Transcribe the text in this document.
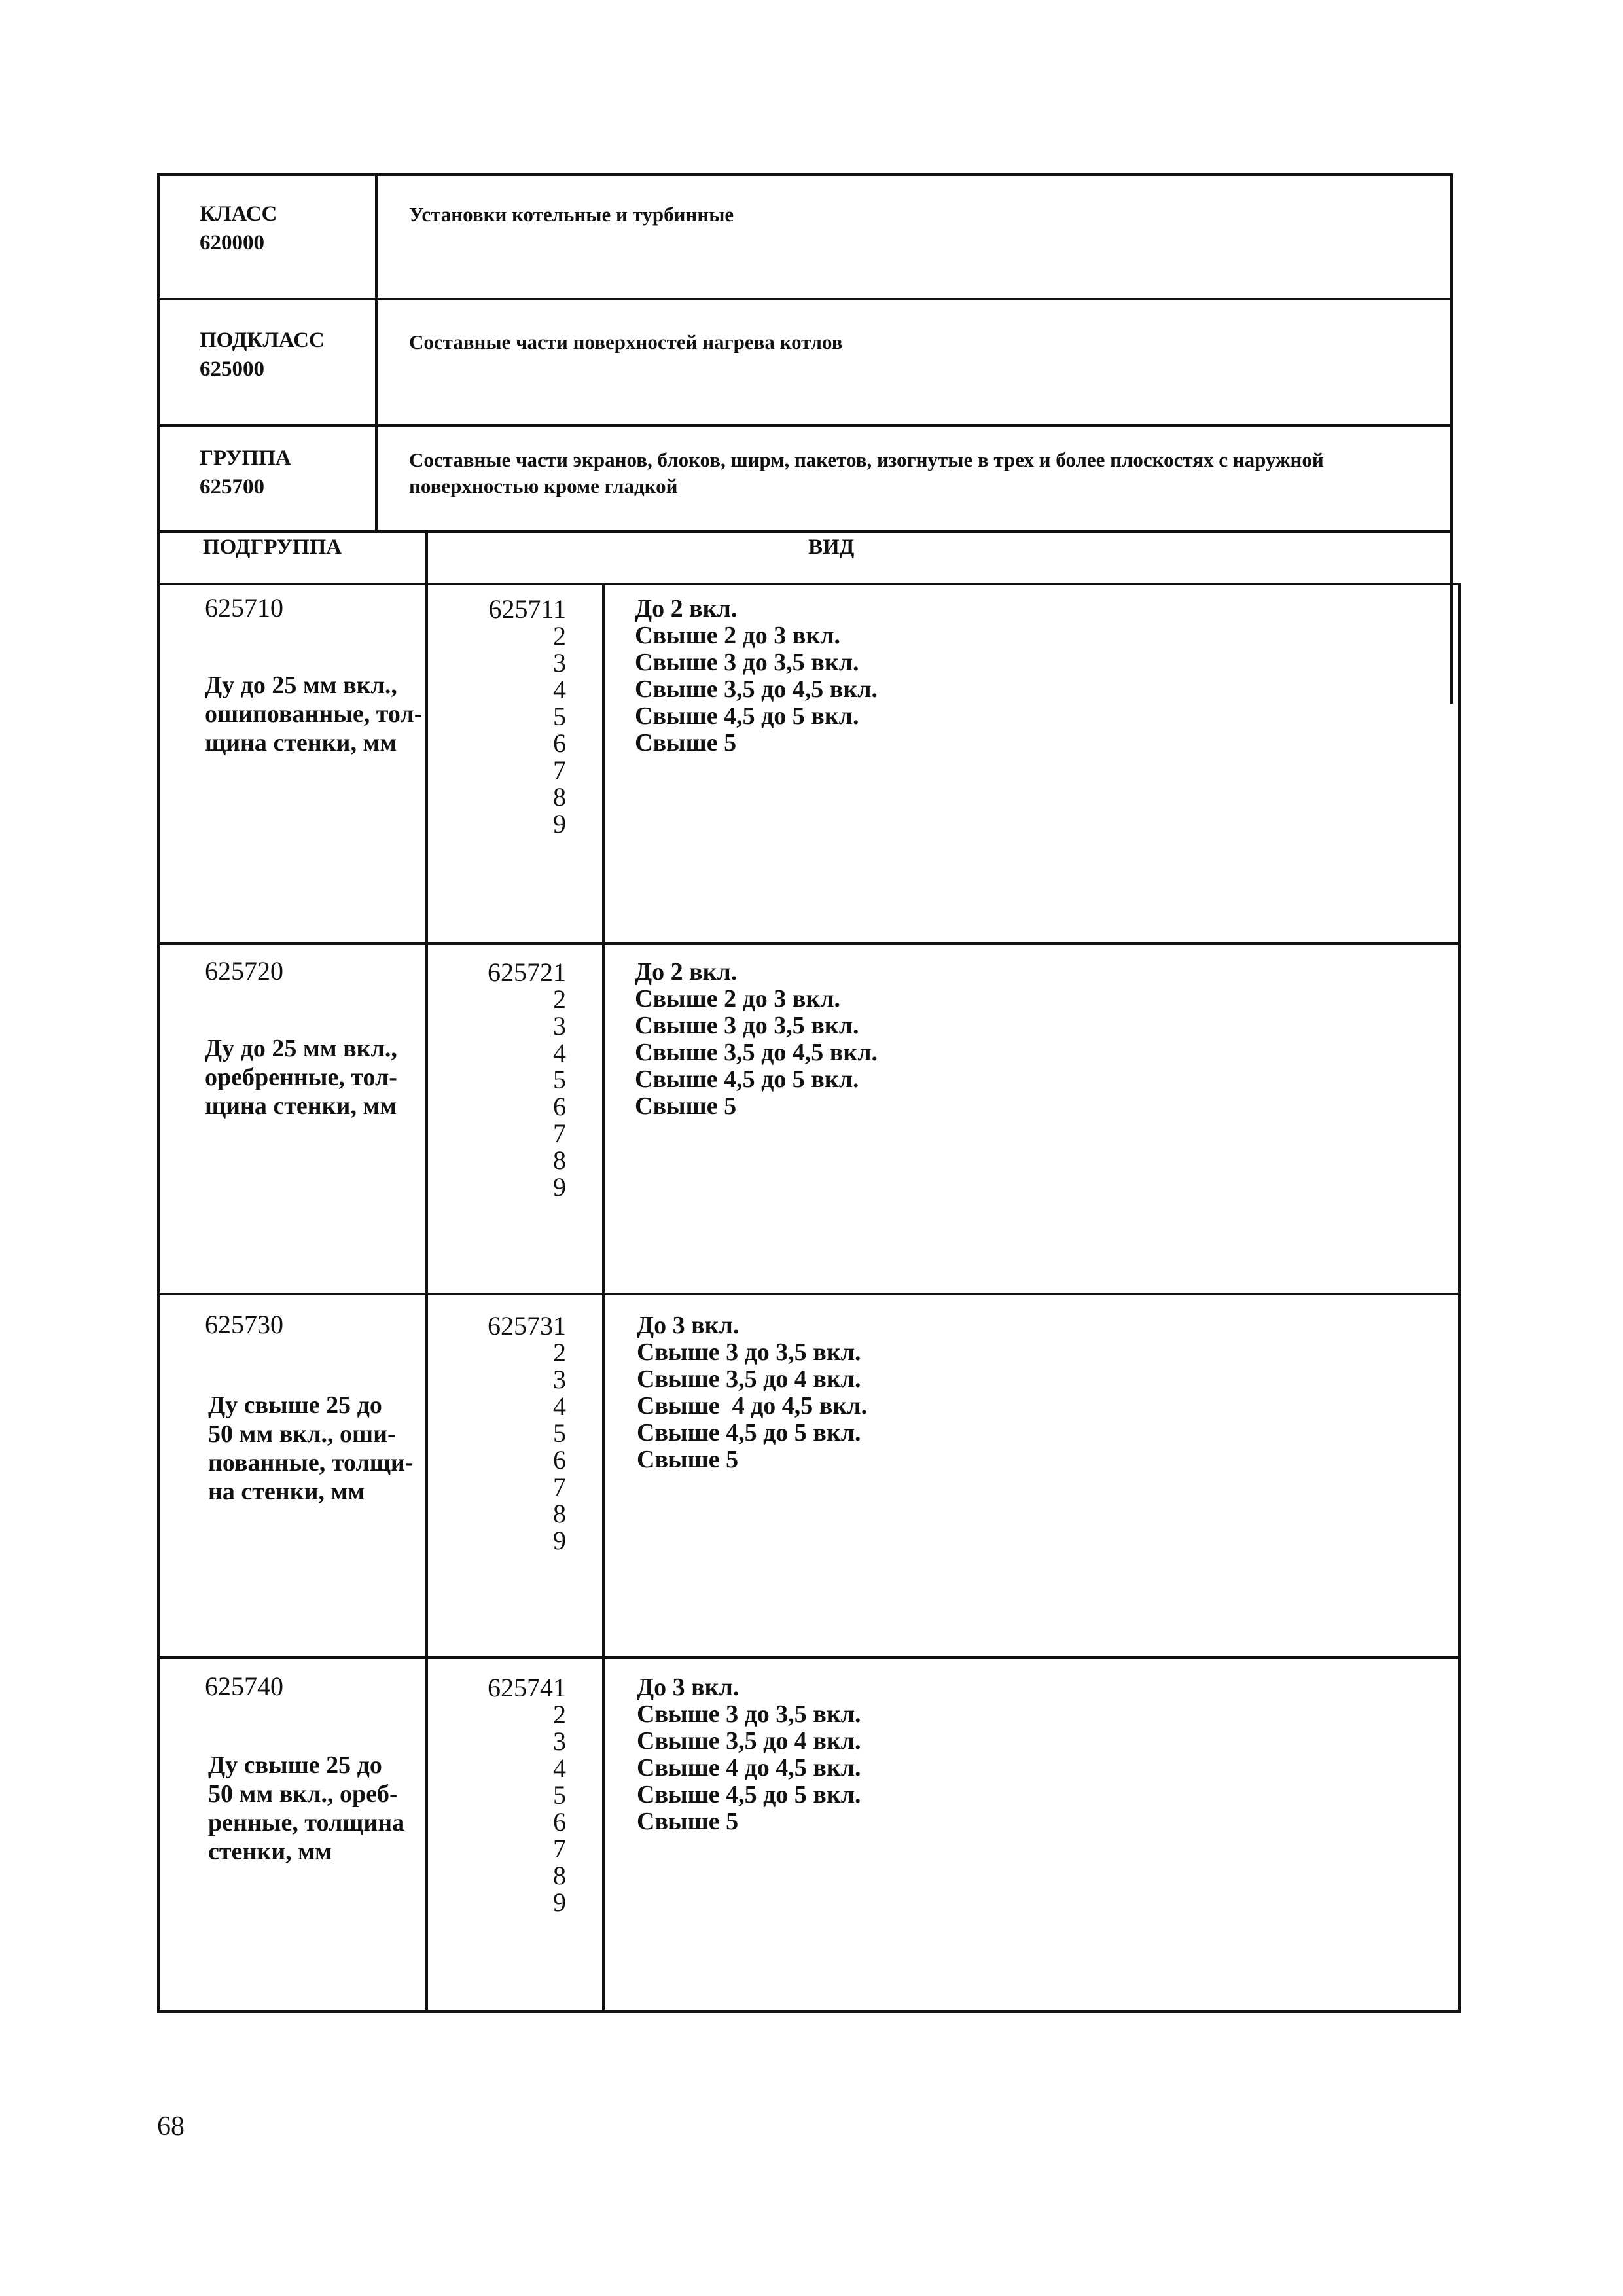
КЛАСС
620000
Установки котельные и турбинные
ПОДКЛАСС
625000
Составные части поверхностей нагрева котлов
ГРУППА
625700
Составные части экранов, блоков, ширм, пакетов, изогнутые в трех и более плоскостях с наружной
поверхностью кроме гладкой
ПОДГРУППА	ВИД
625710
Ду до 25 мм вкл.,
ошипованные, тол-
щина стенки, мм
625711
2
3
4
5
6
7
8
9
До 2 вкл.
Свыше 2 до 3 вкл.
Свыше 3 до 3,5 вкл.
Свыше 3,5 до 4,5 вкл.
Свыше 4,5 до 5 вкл.
Свыше 5
625720
Ду до 25 мм вкл.,
оребренные, тол-
щина стенки, мм
625721
2
3
4
5
6
7
8
9
До 2 вкл.
Свыше 2 до 3 вкл.
Свыше 3 до 3,5 вкл.
Свыше 3,5 до 4,5 вкл.
Свыше 4,5 до 5 вкл.
Свыше 5
625730
Ду свыше 25 до
50 мм вкл., оши-
пованные, толщи-
на стенки, мм
625731
2
3
4
5
6
7
8
9
До 3 вкл.
Свыше 3 до 3,5 вкл.
Свыше 3,5 до 4 вкл.
Свыше  4 до 4,5 вкл.
Свыше 4,5 до 5 вкл.
Свыше 5
625740
Ду свыше 25 до
50 мм вкл., ореб-
ренные, толщина
стенки, мм
625741
2
3
4
5
6
7
8
9
До 3 вкл.
Свыше 3 до 3,5 вкл.
Свыше 3,5 до 4 вкл.
Свыше 4 до 4,5 вкл.
Свыше 4,5 до 5 вкл.
Свыше 5
68
